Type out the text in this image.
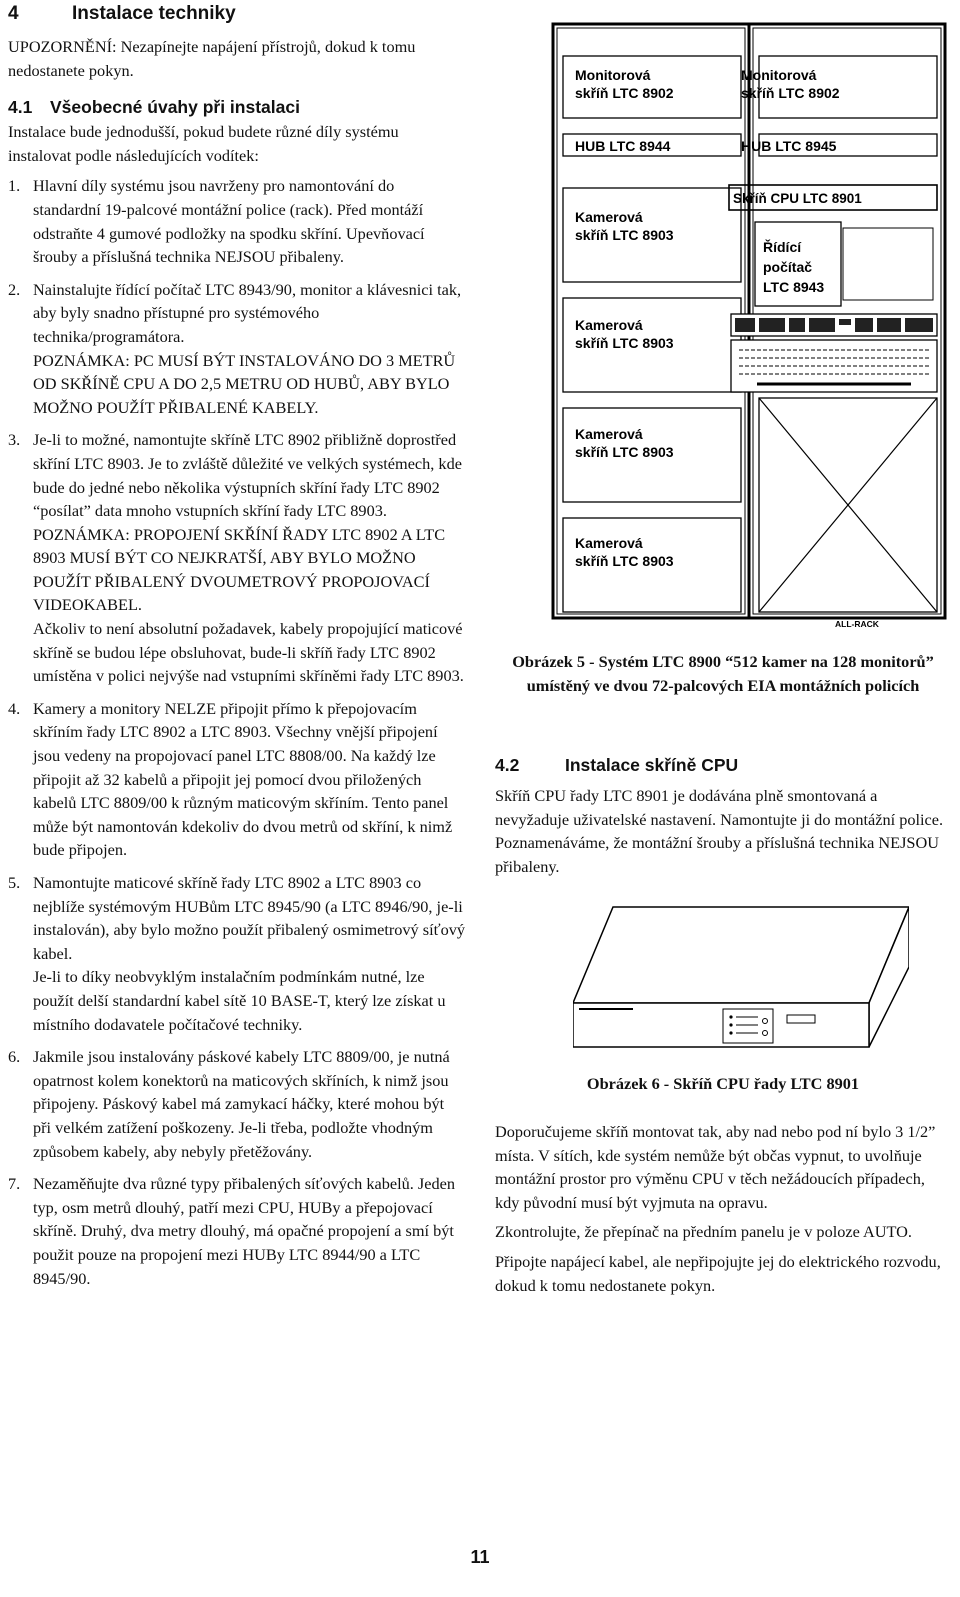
4	Instalace techniky

UPOZORNĚNÍ: Nezapínejte napájení přístrojů, dokud k tomu nedostanete pokyn.

4.1 Všeobecné úvahy při instalaci

Instalace bude jednodušší, pokud budete různé díly systému instalovat podle následujících vodítek:

1. Hlavní díly systému jsou navrženy pro namontování do standardní 19-palcové montážní police (rack). Před montáží odstraňte 4 gumové podložky na spodku skříní. Upevňovací šrouby a příslušná technika NEJSOU přibaleny.

2. Nainstalujte řídící počítač LTC 8943/90, monitor a klávesnici tak, aby byly snadno přístupné pro systémového technika/programátora.

POZNÁMKA: PC MUSÍ BÝT INSTALOVÁNO DO 3 METRŮ OD SKŘÍNĚ CPU A DO 2,5 METRU OD HUBŮ, ABY BYLO MOŽNO POUŽÍT PŘIBALENÉ KABELY.

3. Je-li to možné, namontujte skříně LTC 8902 přibližně doprostřed skříní LTC 8903. Je to zvláště důležité ve velkých systémech, kde bude do jedné nebo několika výstupních skříní řady LTC 8902 “posílat” data mnoho vstupních skříní řady LTC 8903.

POZNÁMKA: PROPOJENÍ SKŘÍNÍ ŘADY LTC 8902 A LTC 8903 MUSÍ BÝT CO NEJKRATŠÍ, ABY BYLO MOŽNO POUŽÍT PŘIBALENÝ DVOUMETROVÝ PROPOJOVACÍ VIDEOKABEL.

Ačkoliv to není absolutní požadavek, kabely propojující maticové skříně se budou lépe obsluhovat, bude-li skříň řady LTC 8902 umístěna v polici nejvýše nad vstupními skříněmi řady LTC 8903.

4. Kamery a monitory NELZE připojit přímo k přepojovacím skříním řady LTC 8902 a LTC 8903. Všechny vnější připojení jsou vedeny na propojovací panel LTC 8808/00. Na každý lze připojit až 32 kabelů a připojit jej pomocí dvou přiložených kabelů LTC 8809/00 k různým maticovým skříním. Tento panel může být namontován kdekoliv do dvou metrů od skříní, k nimž bude připojen.

5. Namontujte maticové skříně řady LTC 8902 a LTC 8903 co nejblíže systémovým HUBům LTC 8945/90 (a LTC 8946/90, je-li instalován), aby bylo možno použít přibalený osmimetrový síťový kabel.

Je-li to díky neobvyklým instalačním podmínkám nutné, lze použít delší standardní kabel sítě 10 BASE-T, který lze získat u místního dodavatele počítačové techniky.

6. Jakmile jsou instalovány páskové kabely LTC 8809/00, je nutná opatrnost kolem konektorů na maticových skříních, k nimž jsou připojeny. Páskový kabel má zamykací háčky, které mohou být při velkém zatížení poškozeny. Je-li třeba, podložte vhodným způsobem kabely, aby nebyly přetěžovány.

7. Nezaměňujte dva různé typy přibalených síťových kabelů. Jeden typ, osm metrů dlouhý, patří mezi CPU, HUBy a přepojovací skříně. Druhý, dva metry dlouhý, má opačné propojení a smí být použit pouze na propojení mezi HUBy LTC 8944/90 a LTC 8945/90.

Monitorová
skříň LTC 8902
HUB LTC 8944
Kamerová
skříň LTC 8903
Kamerová
skříň LTC 8903
Kamerová
skříň LTC 8903
Kamerová
skříň LTC 8903
Monitorová
skříň LTC 8902
HUB LTC 8945
Skříň CPU LTC 8901
Řídící
počítač
LTC 8943
ALL-RACK

Obrázek 5 - Systém LTC 8900 “512 kamer na 128 monitorů” umístěný ve dvou 72-palcových EIA montážních policích

4.2	Instalace skříně CPU

Skříň CPU řady LTC 8901 je dodávána plně smontovaná a nevyžaduje uživatelské nastavení. Namontujte ji do montážní police. Poznamenáváme, že montážní šrouby a příslušná technika NEJSOU přibaleny.

Obrázek 6 - Skříň CPU řady LTC 8901

Doporučujeme skříň montovat tak, aby nad nebo pod ní bylo 3 1/2” místa. V sítích, kde systém nemůže být občas vypnut, to uvolňuje montážní prostor pro výměnu CPU v těch nežádoucích případech, kdy původní musí být vyjmuta na opravu.

Zkontrolujte, že přepínač na předním panelu je v poloze AUTO.

Připojte napájecí kabel, ale nepřipojujte jej do elektrického rozvodu, dokud k tomu nedostanete pokyn.

11
